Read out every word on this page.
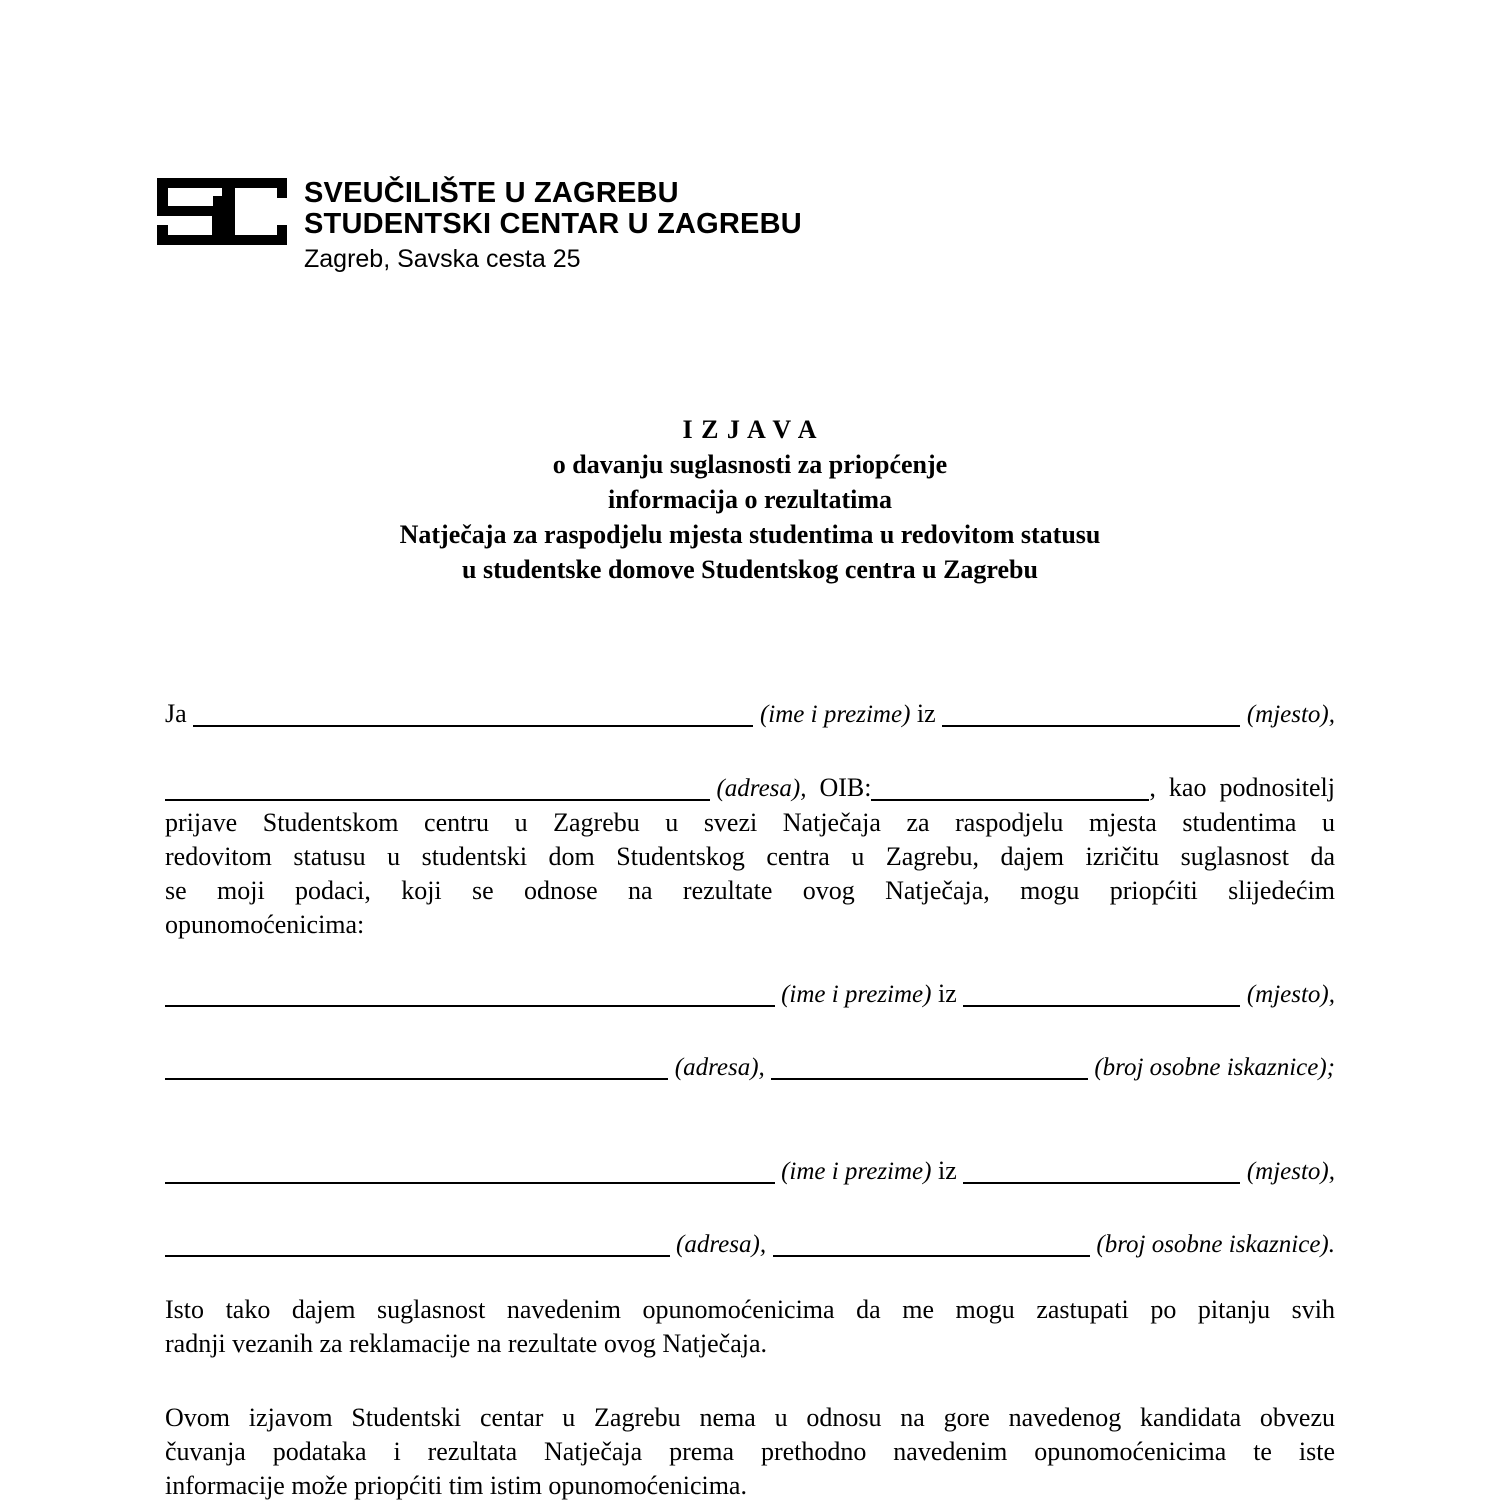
SVEUČILIŠTE U ZAGREBU
STUDENTSKI CENTAR U ZAGREBU
Zagreb, Savska cesta 25
I Z J A V A
o davanju suglasnosti za priopćenje
informacija o rezultatima
Natječaja za raspodjelu mjesta studentima u redovitom statusu
u studentske domove Studentskog centra u Zagrebu
Ja
	(ime i prezime) iz
	(mjesto),

(adresa), OIB:	,  kao  podnositelj
prijave Studentskom centru u Zagrebu u svezi Natječaja za raspodjelu mjesta studentima u
redovitom statusu u studentski dom Studentskog centra u Zagrebu, dajem izričitu suglasnost da
se moji podaci, koji se odnose na rezultate ovog Natječaja, mogu priopćiti slijedećim
opunomoćenicima:

(ime i prezime) iz
	(mjesto),

(adresa),

	(broj osobne iskaznice);

(ime i prezime) iz
	(mjesto),

(adresa),

	(broj osobne iskaznice).
Isto tako dajem suglasnost navedenim opunomoćenicima da me mogu zastupati po pitanju svih
radnji vezanih za reklamacije na rezultate ovog Natječaja.
Ovom izjavom Studentski centar u Zagrebu nema u odnosu na gore navedenog kandidata obvezu
čuvanja podataka i rezultata Natječaja prema prethodno navedenim opunomoćenicima te iste
informacije može priopćiti tim istim opunomoćenicima.
